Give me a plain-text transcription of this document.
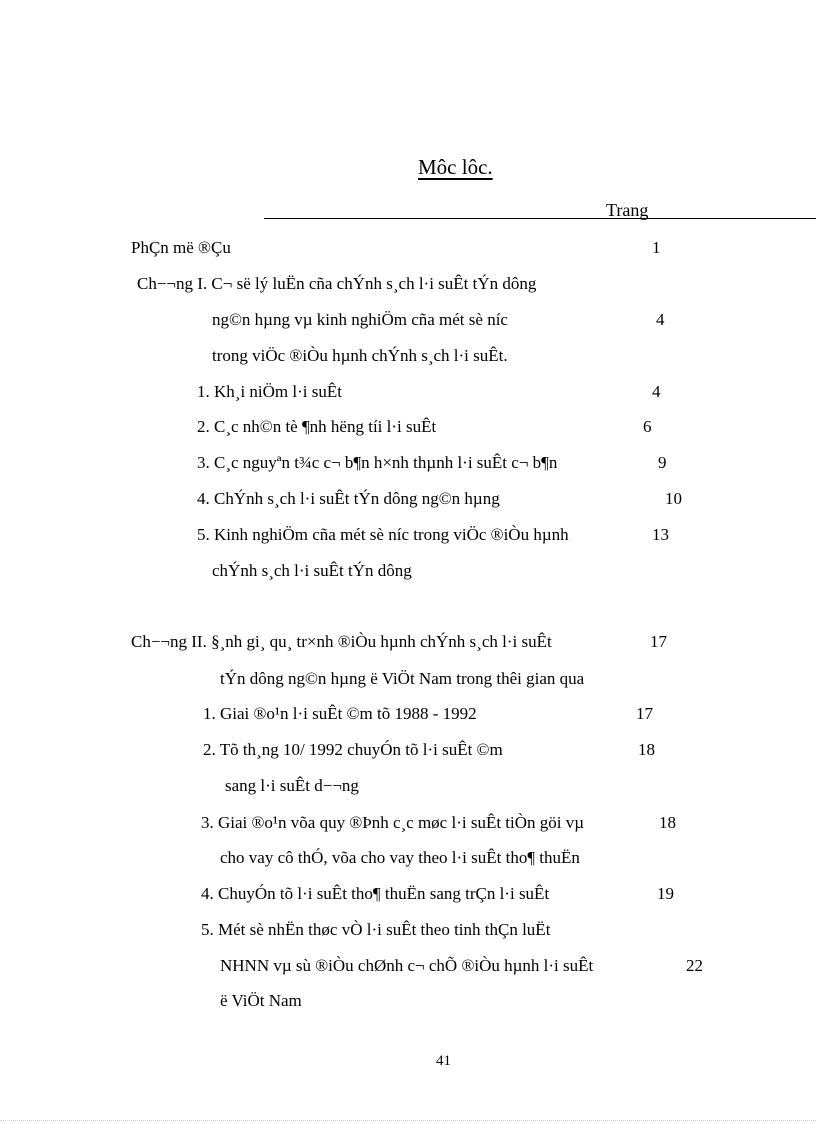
Môc lôc.
Trang
PhÇn më ®Çu	1
Ch−¬ng I. C¬ së lý luËn cña chÝnh s¸ch l·i suÊt tÝn dông
ng©n hµng vµ kinh nghiÖm cña mét sè níc	4
trong viÖc ®iÒu hµnh chÝnh s¸ch l·i suÊt.
1. Kh¸i niÖm l·i suÊt	4
2. C¸c nh©n tè ¶nh hëng tíi l·i suÊt	6
3. C¸c nguyªn t¾c c¬ b¶n h×nh thµnh l·i suÊt c¬ b¶n	9
4. ChÝnh s¸ch l·i suÊt tÝn dông ng©n hµng	10
5. Kinh nghiÖm cña mét sè níc trong viÖc ®iÒu hµnh	13
chÝnh s¸ch l·i suÊt tÝn dông
Ch−¬ng II. §¸nh gi¸ qu¸ tr×nh ®iÒu hµnh chÝnh s¸ch l·i suÊt	17
tÝn dông ng©n hµng ë ViÖt Nam trong thêi gian qua
1. Giai ®o¹n l·i suÊt ©m tõ 1988 - 1992	17
2. Tõ th¸ng 10/ 1992 chuyÓn tõ l·i suÊt ©m	18
sang l·i suÊt d−¬ng
3. Giai ®o¹n võa quy ®Þnh c¸c møc l·i suÊt tiÒn göi vµ	18
cho vay cô thÓ, võa cho vay theo l·i suÊt tho¶ thuËn
4. ChuyÓn tõ l·i suÊt tho¶ thuËn sang trÇn l·i suÊt	19
5. Mét sè nhËn thøc vÒ l·i suÊt theo tinh thÇn luËt
NHNN vµ sù ®iÒu chØnh c¬ chÕ ®iÒu hµnh l·i suÊt	22
ë ViÖt Nam
41
